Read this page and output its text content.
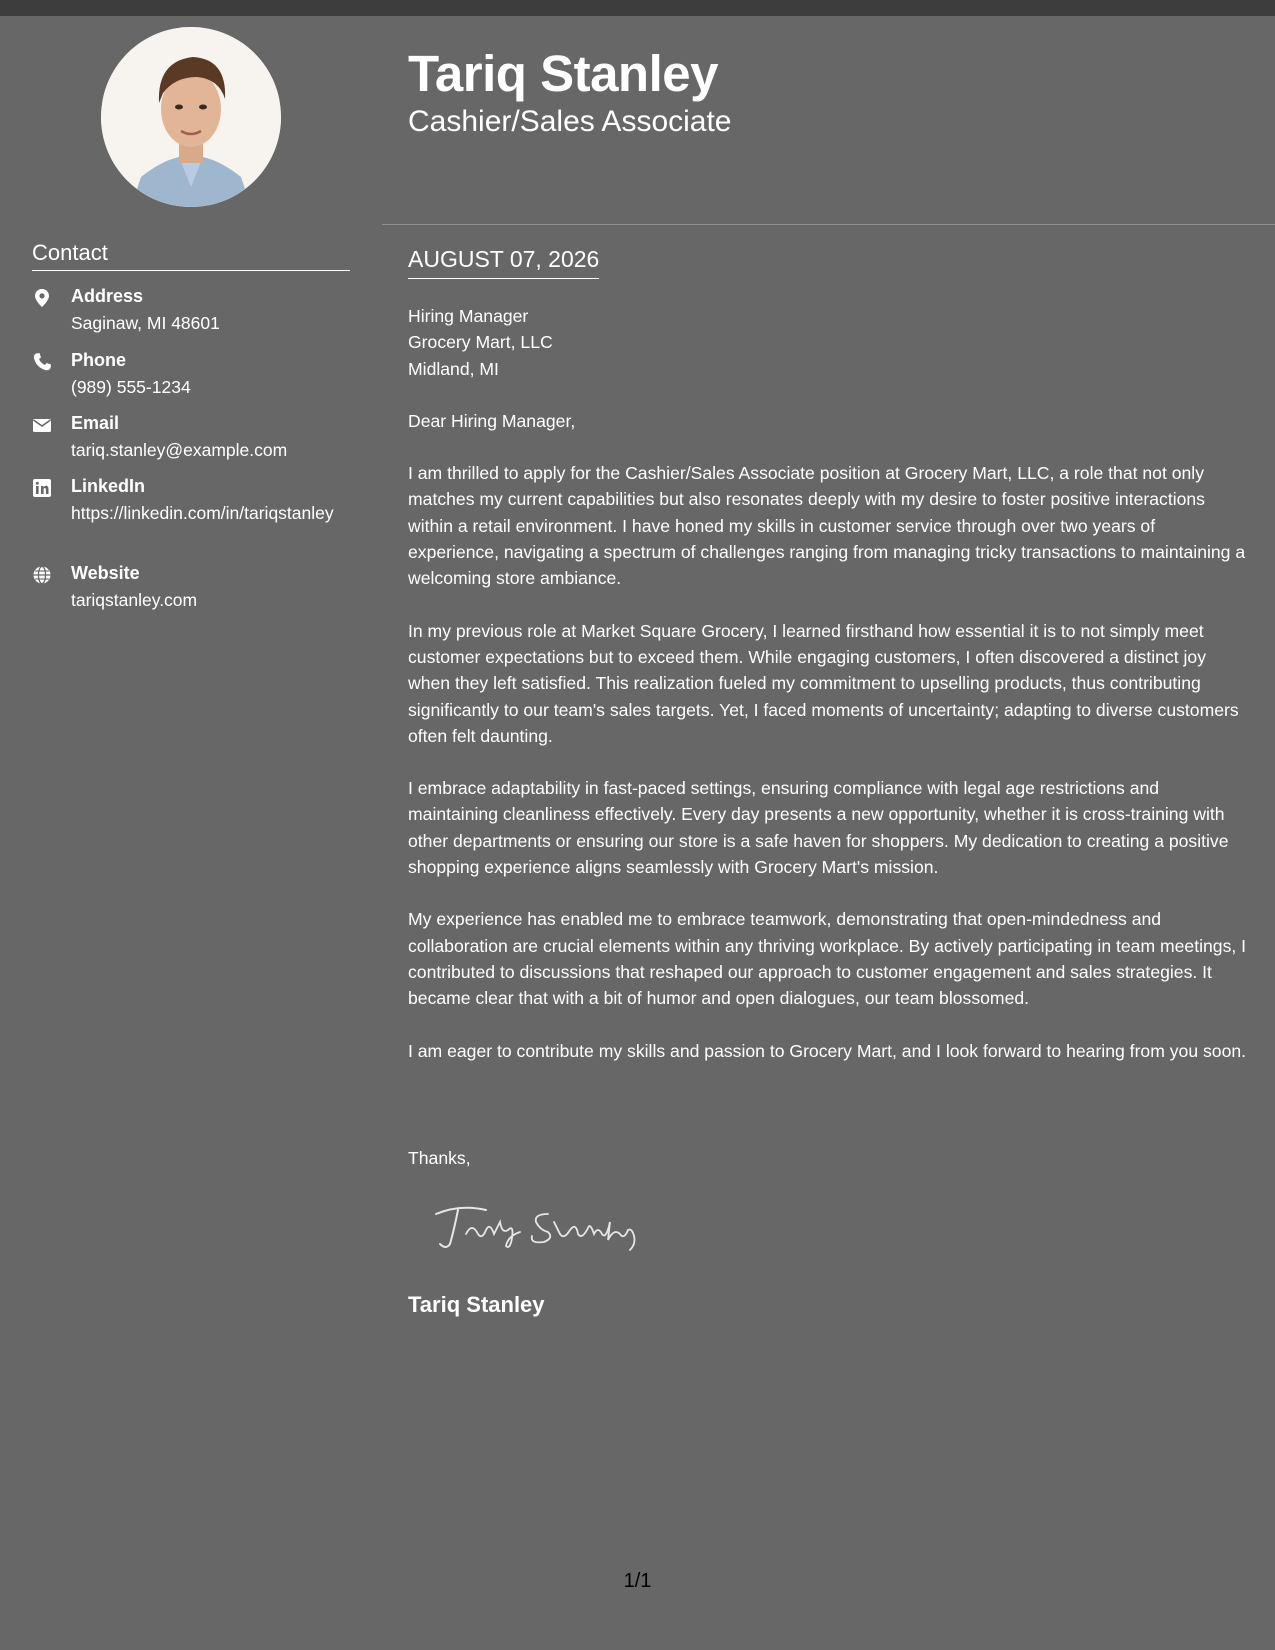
Contact
Address
Saginaw, MI 48601
Phone
(989) 555-1234
Email
tariq.stanley@example.com
LinkedIn
https://linkedin.com/in/tariqstanley
Website
tariqstanley.com
Tariq Stanley
Cashier/Sales Associate
AUGUST 07, 2026

Hiring Manager
Grocery Mart, LLC
Midland, MI

Dear Hiring Manager,

I am thrilled to apply for the Cashier/Sales Associate position at Grocery Mart, LLC, a role that not only matches my current capabilities but also resonates deeply with my desire to foster positive interactions within a retail environment. I have honed my skills in customer service through over two years of experience, navigating a spectrum of challenges ranging from managing tricky transactions to maintaining a welcoming store ambiance.

In my previous role at Market Square Grocery, I learned firsthand how essential it is to not simply meet customer expectations but to exceed them. While engaging customers, I often discovered a distinct joy when they left satisfied. This realization fueled my commitment to upselling products, thus contributing significantly to our team's sales targets. Yet, I faced moments of uncertainty; adapting to diverse customers often felt daunting.

I embrace adaptability in fast-paced settings, ensuring compliance with legal age restrictions and maintaining cleanliness effectively. Every day presents a new opportunity, whether it is cross-training with other departments or ensuring our store is a safe haven for shoppers. My dedication to creating a positive shopping experience aligns seamlessly with Grocery Mart's mission.

My experience has enabled me to embrace teamwork, demonstrating that open-mindedness and collaboration are crucial elements within any thriving workplace. By actively participating in team meetings, I contributed to discussions that reshaped our approach to customer engagement and sales strategies. It became clear that with a bit of humor and open dialogues, our team blossomed.

I am eager to contribute my skills and passion to Grocery Mart, and I look forward to hearing from you soon.

Thanks,
Tariq Stanley
1/1
